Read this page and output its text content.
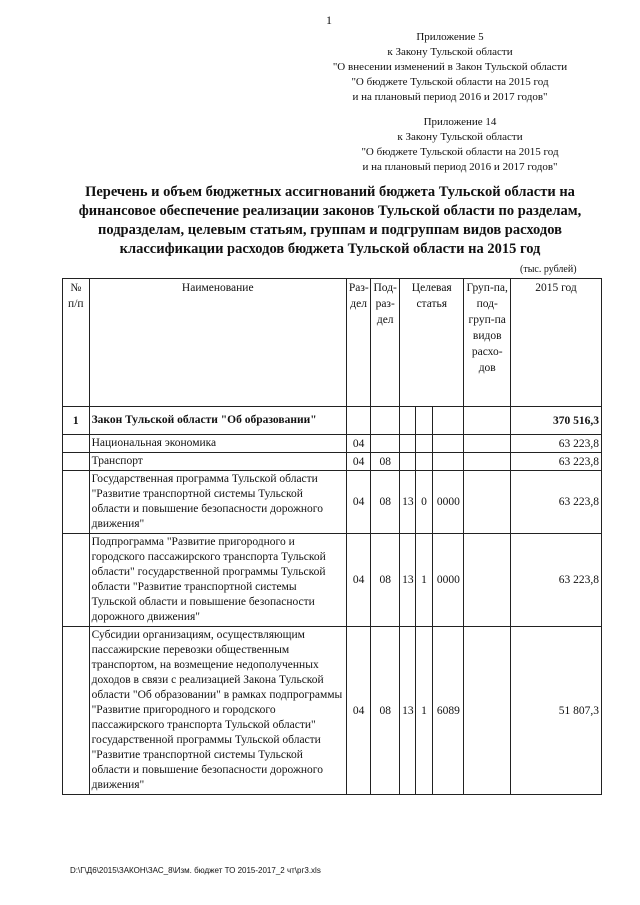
1
Приложение 5
к Закону Тульской области
"О внесении изменений в Закон Тульской области
"О бюджете Тульской области на 2015 год
и на плановый период 2016 и 2017 годов"
Приложение 14
к Закону Тульской области
"О бюджете Тульской области на 2015 год
и на плановый период 2016 и 2017 годов"
Перечень и объем бюджетных ассигнований бюджета Тульской области на финансовое обеспечение реализации законов Тульской области по разделам, подразделам, целевым статьям, группам и подгруппам видов расходов классификации расходов бюджета Тульской области на 2015 год
(тыс. рублей)
№ п/п	Наименование	Раз-дел	Под-раз-дел	Целевая статья			Груп-па, под-груп-па видов расхо-дов	2015 год
1	Закон Тульской области "Об образовании"							370 516,3
	Национальная экономика	04						63 223,8
	Транспорт	04	08					63 223,8
	Государственная программа Тульской области "Развитие транспортной системы Тульской области и повышение безопасности дорожного движения"	04	08	13	0	0000		63 223,8
	Подпрограмма "Развитие пригородного и городского пассажирского транспорта Тульской области" государственной программы Тульской области "Развитие транспортной системы Тульской области и повышение безопасности дорожного движения"	04	08	13	1	0000		63 223,8
	Субсидии организациям, осуществляющим пассажирские перевозки общественным транспортом, на возмещение недополученных доходов в связи с реализацией Закона Тульской области "Об образовании" в рамках подпрограммы "Развитие пригородного и городского пассажирского транспорта Тульской области" государственной программы Тульской области "Развитие транспортной системы Тульской области и повышение безопасности дорожного движения"	04	08	13	1	6089		51 807,3
D:\Г\Д6\2015\ЗАКОН\ЗАС_8\Изм. бюджет ТО 2015-2017_2 чт\рг3.xls
